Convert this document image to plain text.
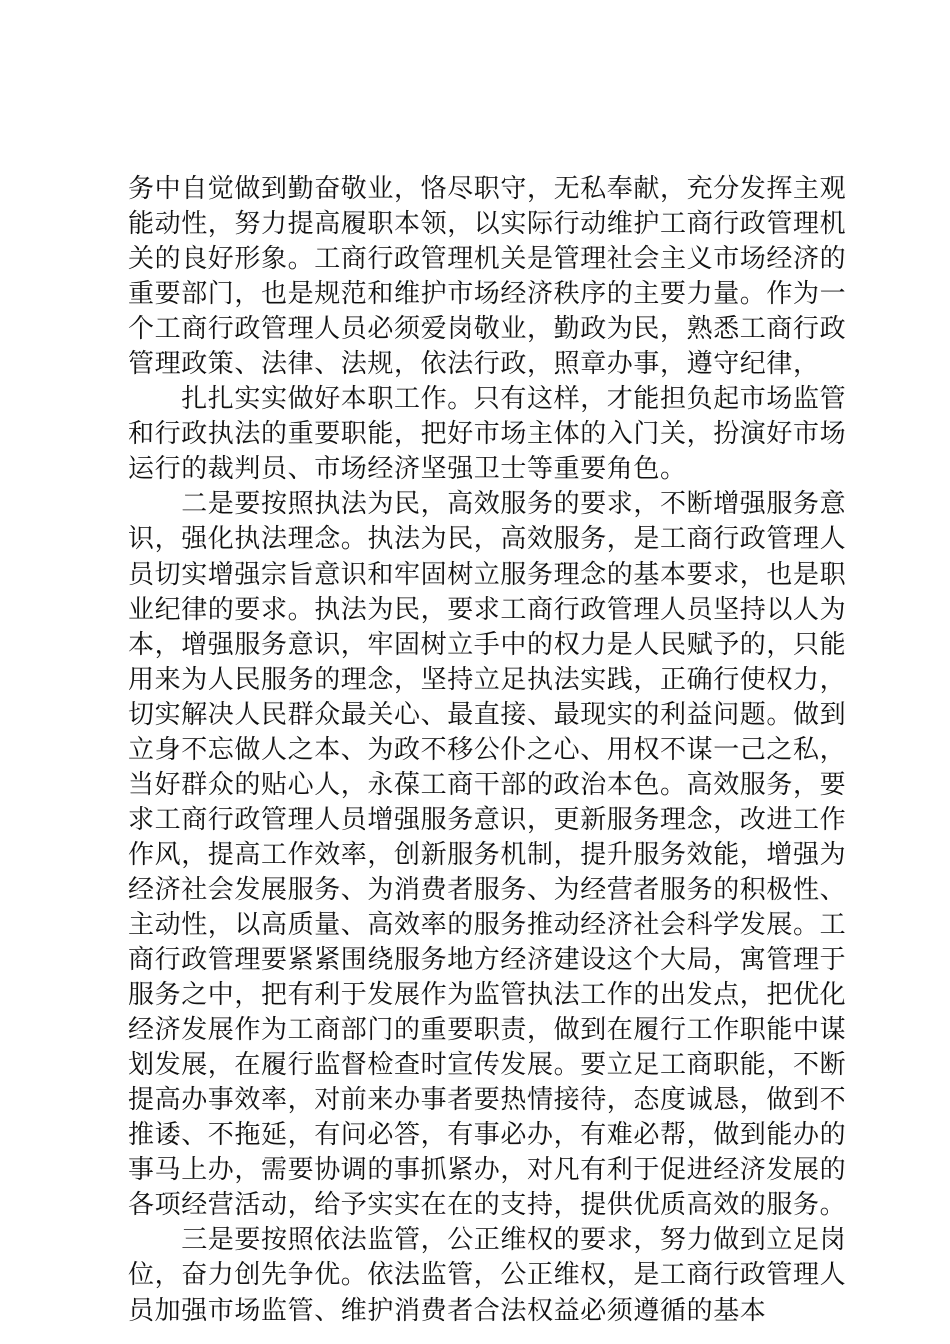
务中自觉做到勤奋敬业，恪尽职守，无私奉献，充分发挥主观
能动性，努力提高履职本领，以实际行动维护工商行政管理机
关的良好形象。工商行政管理机关是管理社会主义市场经济的
重要部门，也是规范和维护市场经济秩序的主要力量。作为一
个工商行政管理人员必须爱岗敬业，勤政为民，熟悉工商行政
管理政策、法律、法规，依法行政，照章办事，遵守纪律，
　　扎扎实实做好本职工作。只有这样，才能担负起市场监管
和行政执法的重要职能，把好市场主体的入门关，扮演好市场
运行的裁判员、市场经济坚强卫士等重要角色。
　　二是要按照执法为民，高效服务的要求，不断增强服务意
识，强化执法理念。执法为民，高效服务，是工商行政管理人
员切实增强宗旨意识和牢固树立服务理念的基本要求，也是职
业纪律的要求。执法为民，要求工商行政管理人员坚持以人为
本，增强服务意识，牢固树立手中的权力是人民赋予的，只能
用来为人民服务的理念，坚持立足执法实践，正确行使权力，
切实解决人民群众最关心、最直接、最现实的利益问题。做到
立身不忘做人之本、为政不移公仆之心、用权不谋一己之私，
当好群众的贴心人，永葆工商干部的政治本色。高效服务，要
求工商行政管理人员增强服务意识，更新服务理念，改进工作
作风，提高工作效率，创新服务机制，提升服务效能，增强为
经济社会发展服务、为消费者服务、为经营者服务的积极性、
主动性，以高质量、高效率的服务推动经济社会科学发展。工
商行政管理要紧紧围绕服务地方经济建设这个大局，寓管理于
服务之中，把有利于发展作为监管执法工作的出发点，把优化
经济发展作为工商部门的重要职责，做到在履行工作职能中谋
划发展，在履行监督检查时宣传发展。要立足工商职能，不断
提高办事效率，对前来办事者要热情接待，态度诚恳，做到不
推诿、不拖延，有问必答，有事必办，有难必帮，做到能办的
事马上办，需要协调的事抓紧办，对凡有利于促进经济发展的
各项经营活动，给予实实在在的支持，提供优质高效的服务。
　　三是要按照依法监管，公正维权的要求，努力做到立足岗
位，奋力创先争优。依法监管，公正维权，是工商行政管理人
员加强市场监管、维护消费者合法权益必须遵循的基本
